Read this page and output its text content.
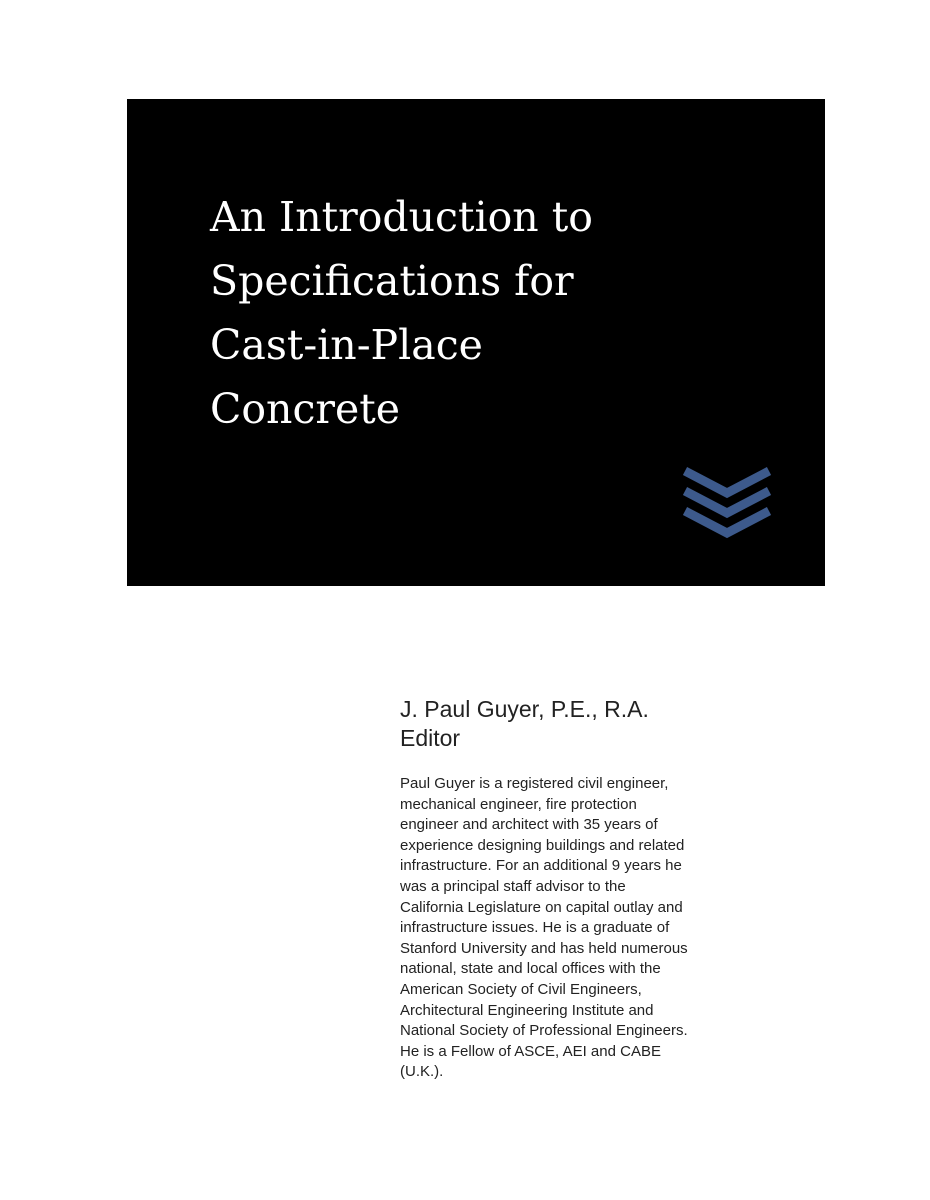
An Introduction to
Specifications for
Cast-in-Place
Concrete

J. Paul Guyer, P.E., R.A.

Editor

Paul Guyer is a registered civil engineer,
mechanical engineer, fire protection
engineer and architect with 35 years of
experience designing buildings and related
infrastructure. For an additional 9 years he
was a principal staff advisor to the
California Legislature on capital outlay and
infrastructure issues. He is a graduate of
Stanford University and has held numerous
national, state and local offices with the
American Society of Civil Engineers,
Architectural Engineering Institute and
National Society of Professional Engineers.
He is a Fellow of ASCE, AEI and CABE
(U.K.).
